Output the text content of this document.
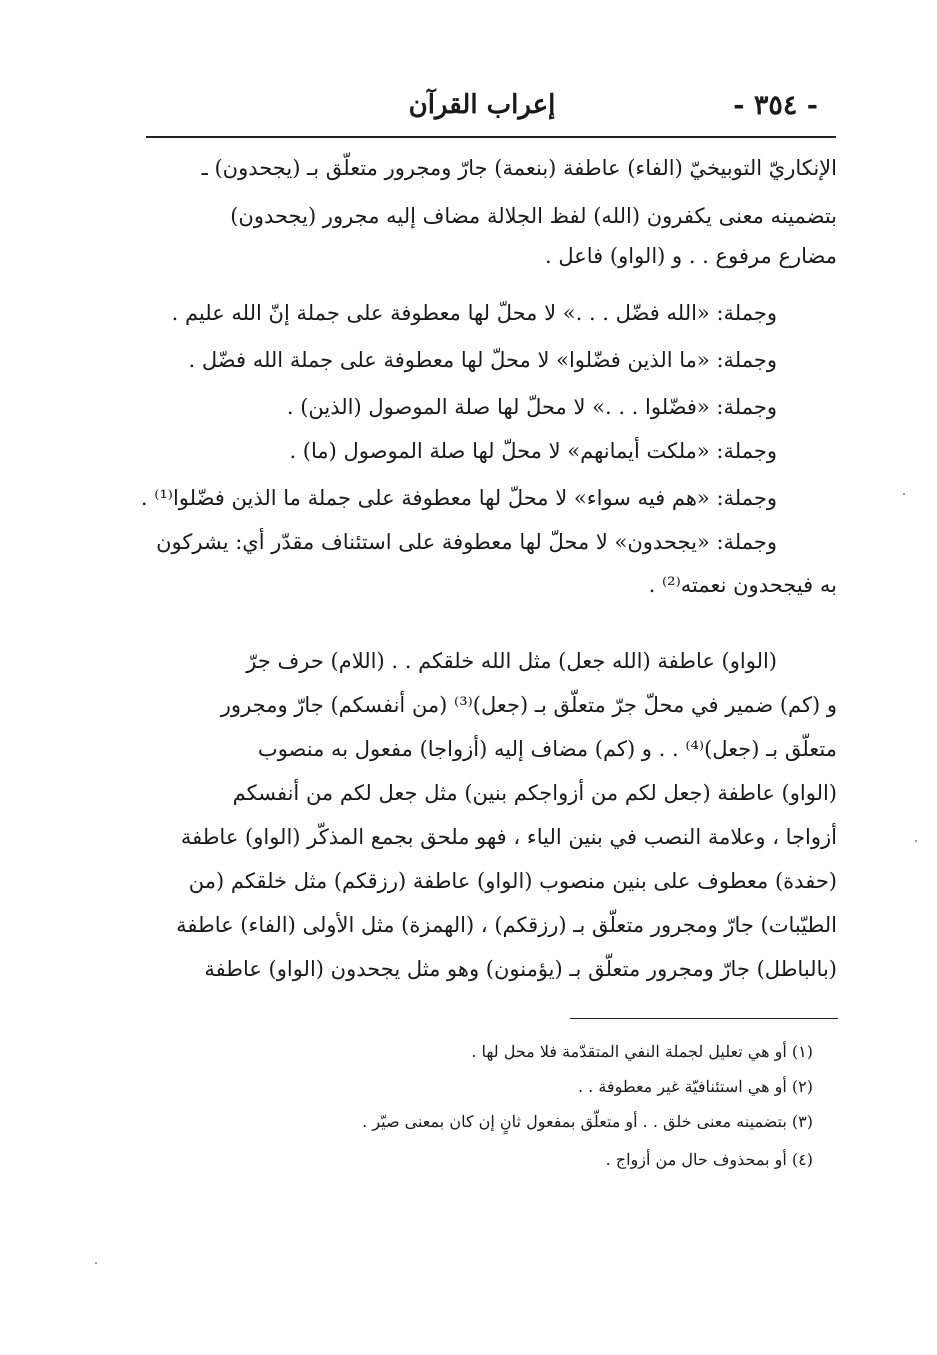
- ٣٥٤ -
إعراب القرآن
الإنكاريّ التوبيخيّ (الفاء) عاطفة (بنعمة) جارّ ومجرور متعلّق بـ (يجحدون) ـ
بتضمينه معنى يكفرون (الله) لفظ الجلالة مضاف إليه مجرور (يجحدون)
مضارع مرفوع . . و (الواو) فاعل .
وجملة: «الله فضّل . . .» لا محلّ لها معطوفة على جملة إنّ الله عليم .
وجملة: «ما الذين فضّلوا» لا محلّ لها معطوفة على جملة الله فضّل .
وجملة: «فضّلوا . . .» لا محلّ لها صلة الموصول (الذين) .
وجملة: «ملكت أيمانهم» لا محلّ لها صلة الموصول (ما) .
وجملة: «هم فيه سواء» لا محلّ لها معطوفة على جملة ما الذين فضّلوا⁽¹⁾ .
وجملة: «يجحدون» لا محلّ لها معطوفة على استئناف مقدّر أي: يشركون
به فيجحدون نعمته⁽²⁾ .
(الواو) عاطفة (الله جعل) مثل الله خلقكم . . (اللام) حرف جرّ
و (كم) ضمير في محلّ جرّ متعلّق بـ (جعل)⁽³⁾ (من أنفسكم) جارّ ومجرور
متعلّق بـ (جعل)⁽⁴⁾ . . و (كم) مضاف إليه (أزواجا) مفعول به منصوب
(الواو) عاطفة (جعل لكم من أزواجكم بنين) مثل جعل لكم من أنفسكم
أزواجا ، وعلامة النصب في بنين الياء ، فهو ملحق بجمع المذكّر (الواو) عاطفة
(حفدة) معطوف على بنين منصوب (الواو) عاطفة (رزقكم) مثل خلقكم (من
الطيّبات) جارّ ومجرور متعلّق بـ (رزقكم) ، (الهمزة) مثل الأولى (الفاء) عاطفة
(بالباطل) جارّ ومجرور متعلّق بـ (يؤمنون) وهو مثل يجحدون (الواو) عاطفة
(١) أو هي تعليل لجملة النفي المتقدّمة فلا محل لها .
(٢) أو هي استئنافيّة غير معطوفة . .
(٣) بتضمينه معنى خلق . . أو متعلّق بمفعول ثانٍ إن كان بمعنى صيّر .
(٤) أو بمحذوف حال من أزواج .
